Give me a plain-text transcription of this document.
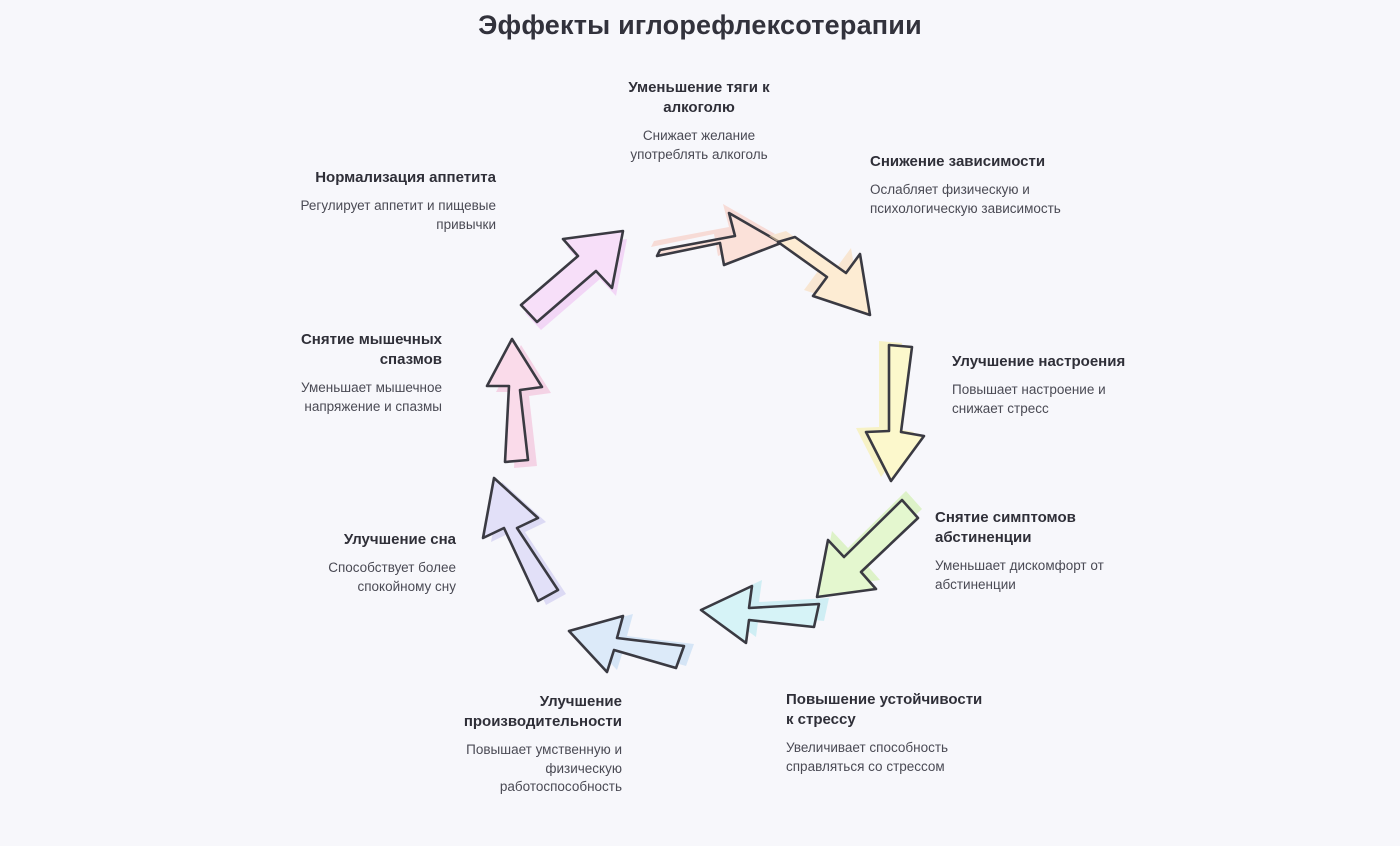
Эффекты иглорефлексотерапии
Уменьшение тяги к алкоголю
Снижает желание употреблять алкоголь	Снижение зависимости
Ослабляет физическую и психологическую зависимость
Улучшение настроения
Повышает настроение и снижает стресс
Снятие симптомов абстиненции
Уменьшает дискомфорт от абстиненции
Повышение устойчивости к стрессу
Увеличивает способность справляться со стрессом
Улучшение производительности
Повышает умственную и физическую работоспособность
Улучшение сна
Способствует более спокойному сну
Снятие мышечных спазмов
Уменьшает мышечное напряжение и спазмы
Нормализация аппетита
Регулирует аппетит и пищевые привычки
